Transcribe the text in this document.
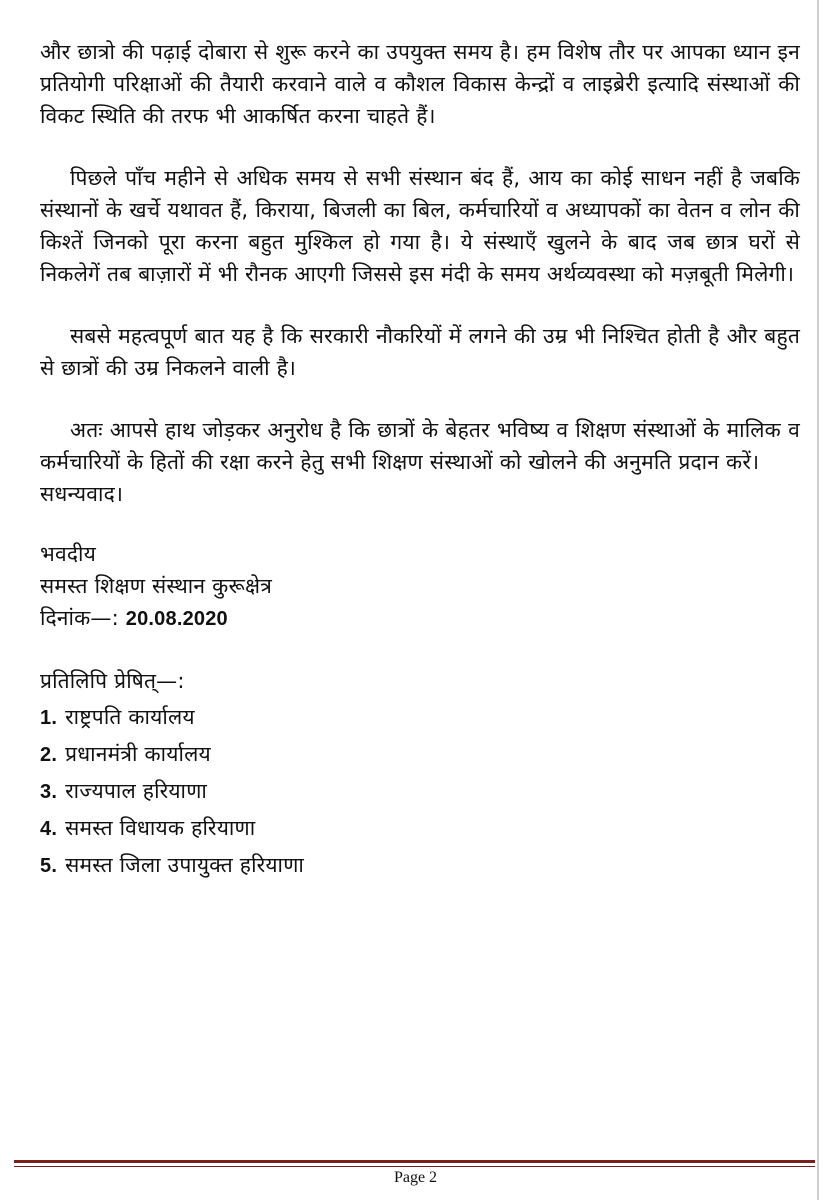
और छात्रो की पढ़ाई दोबारा से शुरू करने का उपयुक्त समय है। हम विशेष तौर पर आपका ध्यान इन प्रतियोगी परिक्षाओं की तैयारी करवाने वाले व कौशल विकास केन्द्रों व लाइब्रेरी इत्यादि संस्थाओं की विकट स्थिति की तरफ भी आकर्षित करना चाहते हैं।

पिछले पाँच महीने से अधिक समय से सभी संस्थान बंद हैं, आय का कोई साधन नहीं है जबकि संस्थानों के खर्चे यथावत हैं, किराया, बिजली का बिल, कर्मचारियों व अध्यापकों का वेतन व लोन की किश्तें जिनको पूरा करना बहुत मुश्किल हो गया है। ये संस्थाएँ खुलने के बाद जब छात्र घरों से निकलेगें तब बाज़ारों में भी रौनक आएगी जिससे इस मंदी के समय अर्थव्यवस्था को मज़बूती मिलेगी।

सबसे महत्वपूर्ण बात यह है कि सरकारी नौकरियों में लगने की उम्र भी निश्चित होती है और बहुत से छात्रों की उम्र निकलने वाली है।

अतः आपसे हाथ जोड़कर अनुरोध है कि छात्रों के बेहतर भविष्य व शिक्षण संस्थाओं के मालिक व कर्मचारियों के हितों की रक्षा करने हेतु सभी शिक्षण संस्थाओं को खोलने की अनुमति प्रदान करें।

सधन्यवाद।

भवदीय

समस्त शिक्षण संस्थान कुरूक्षेत्र

दिनांक—: 20.08.2020

प्रतिलिपि प्रेषित्—:

1. राष्ट्रपति कार्यालय
2. प्रधानमंत्री कार्यालय
3. राज्यपाल हरियाणा
4. समस्त विधायक हरियाणा
5. समस्त जिला उपायुक्त हरियाणा
Page 2
